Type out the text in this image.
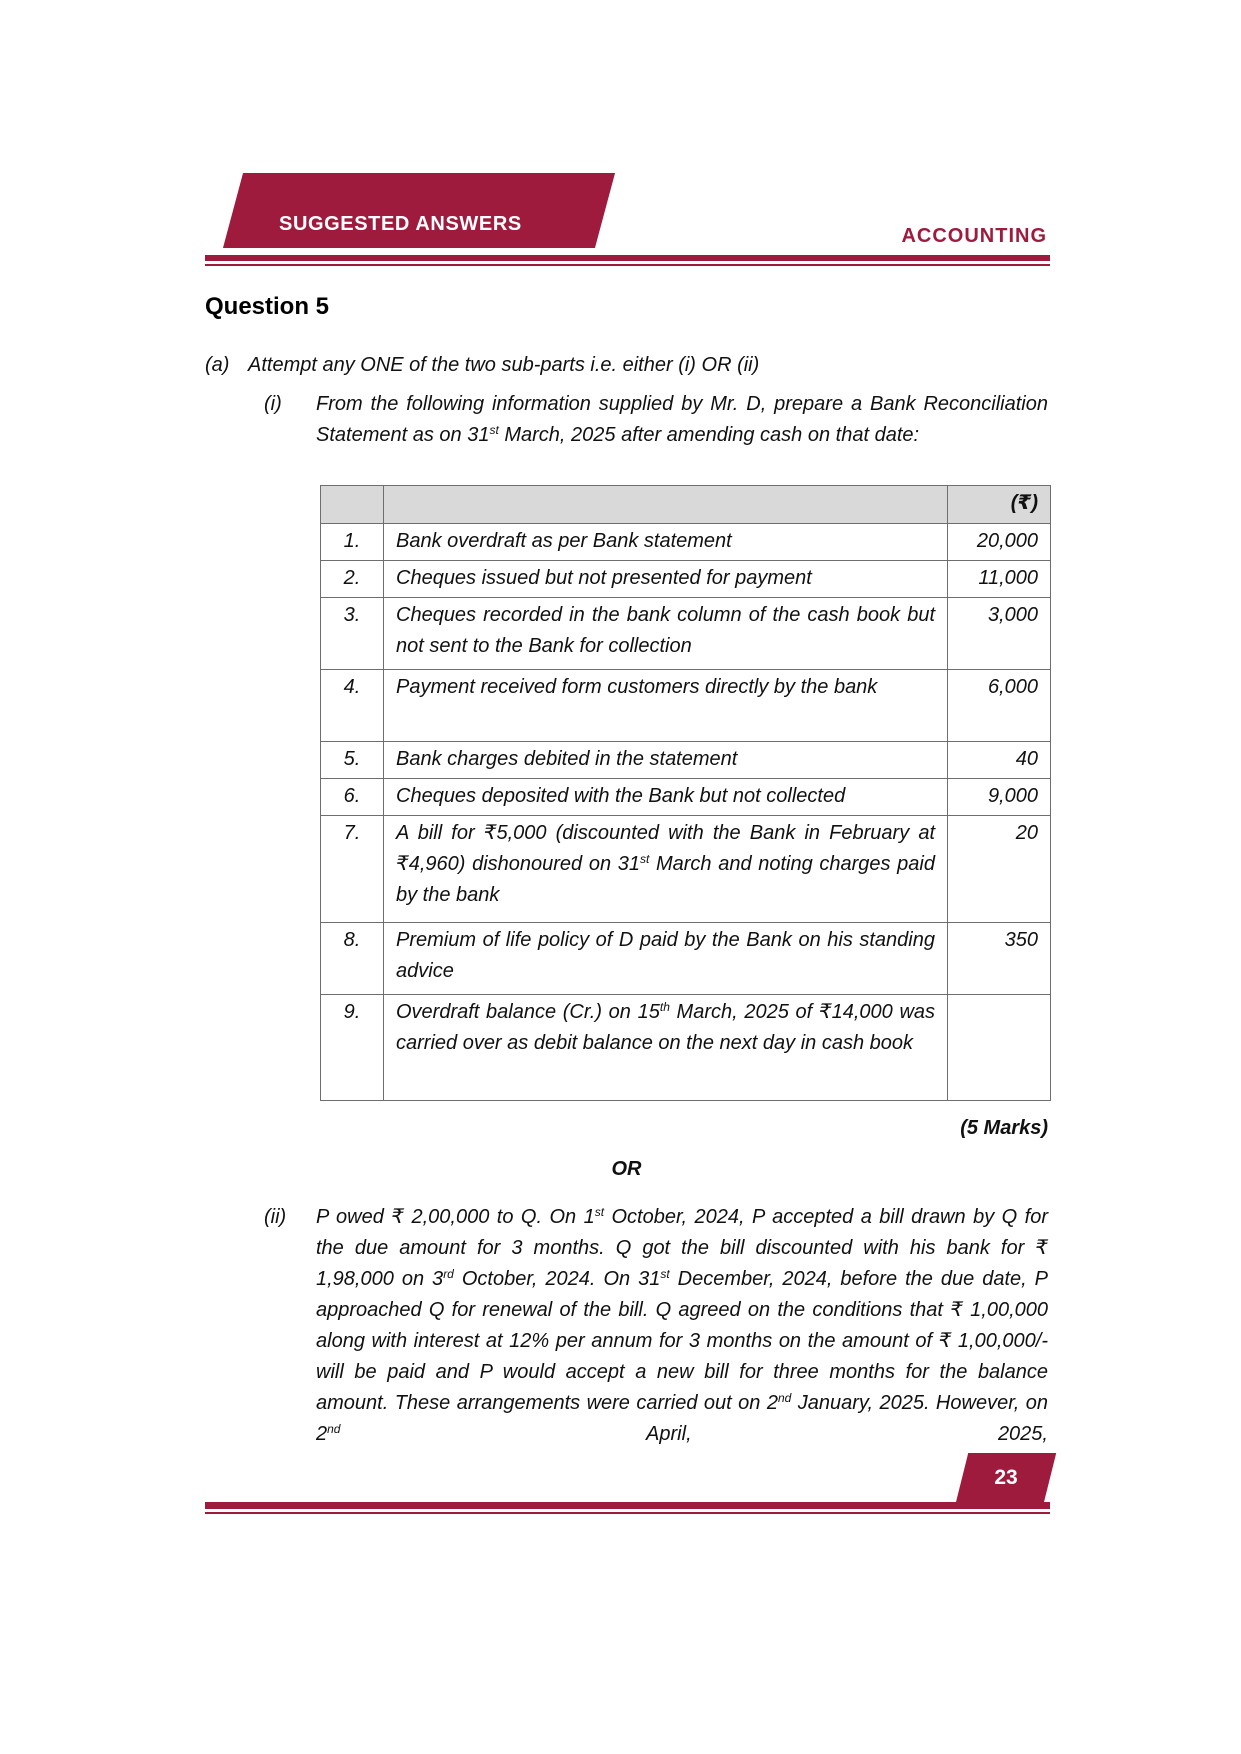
SUGGESTED ANSWERS
ACCOUNTING
Question 5
(a) Attempt any ONE of the two sub-parts i.e. either (i) OR (ii)
(i)	From the following information supplied by Mr. D, prepare a Bank Reconciliation Statement as on 31st March, 2025 after amending cash on that date:
		(₹)
1.	Bank overdraft as per Bank statement	20,000
2.	Cheques issued but not presented for payment	11,000
3.	Cheques recorded in the bank column of the cash book but not sent to the Bank for collection	3,000
4.	Payment received form customers directly by the bank	6,000
5.	Bank charges debited in the statement	40
6.	Cheques deposited with the Bank but not collected	9,000
7.	A bill for ₹5,000 (discounted with the Bank in February at ₹4,960) dishonoured on 31st March and noting charges paid by the bank	20
8.	Premium of life policy of D paid by the Bank on his standing advice	350
9.	Overdraft balance (Cr.) on 15th March, 2025 of ₹14,000 was carried over as debit balance on the next day in cash book	
(5 Marks)
OR
(ii)	P owed ₹ 2,00,000 to Q. On 1st October, 2024, P accepted a bill drawn by Q for the due amount for 3 months. Q got the bill discounted with his bank for ₹ 1,98,000 on 3rd October, 2024. On 31st December, 2024, before the due date, P approached Q for renewal of the bill. Q agreed on the conditions that ₹ 1,00,000 along with interest at 12% per annum for 3 months on the amount of ₹ 1,00,000/- will be paid and P would accept a new bill for three months for the balance amount. These arrangements were carried out on 2nd January, 2025. However, on 2nd April, 2025,
23
